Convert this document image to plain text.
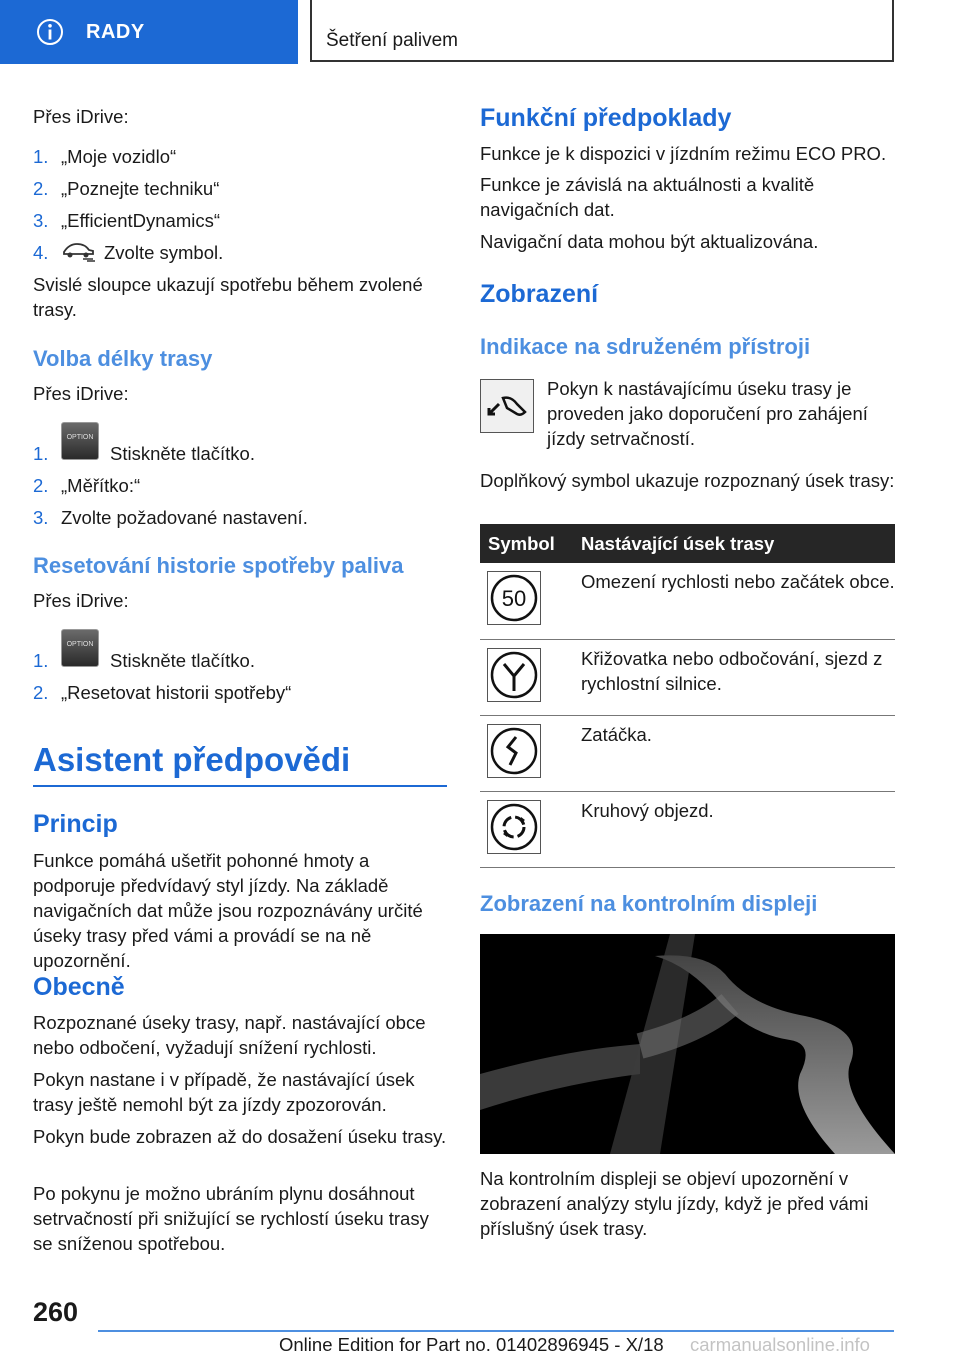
RADY	Šetření palivem

Přes iDrive:

1. „Moje vozidlo“
2. „Poznejte techniku“
3. „EfficientDynamics“
4.	Zvolte symbol.

Svislé sloupce ukazují spotřebu během zvolené trasy.

Volba délky trasy

Přes iDrive:

1.
OPTION
Stiskněte tlačítko.
2. „Měřítko:“
3. Zvolte požadované nastavení.
Resetování historie spotřeby paliva

Přes iDrive:

1.
OPTION
Stiskněte tlačítko.
2. „Resetovat historii spotřeby“
Asistent předpovědi
Princip

Funkce pomáhá ušetřit pohonné hmoty a podporuje předvídavý styl jízdy. Na základě navigačních dat může jsou rozpoznávány určité úseky trasy před vámi a provádí se na ně upozornění.

Obecně

Rozpoznané úseky trasy, např. nastávající obce nebo odbočení, vyžadují snížení rychlosti.

Pokyn nastane i v případě, že nastávající úsek trasy ještě nemohl být za jízdy zpozorován.

Pokyn bude zobrazen až do dosažení úseku trasy.

Po pokynu je možno ubráním plynu dosáhnout setrvačností při snižující se rychlostí úseku trasy se sníženou spotřebou.

Funkční předpoklady

Funkce je k dispozici v jízdním režimu ECO PRO.

Funkce je závislá na aktuálnosti a kvalitě navigačních dat.

Navigační data mohou být aktualizována.

Zobrazení
Indikace na sdruženém přístroji

Pokyn k nastávajícímu úseku trasy je proveden jako doporučení pro zahájení jízdy setrvačností.

Doplňkový symbol ukazuje rozpoznaný úsek trasy:

Symbol	Nastávající úsek trasy

50	Omezení rychlosti nebo začátek obce.

	Křižovatka nebo odbočování, sjezd z rychlostní silnice.

	Zatáčka.

	Kruhový objezd.
Zobrazení na kontrolním displeji

Na kontrolním displeji se objeví upozornění v zobrazení analýzy stylu jízdy, když je před vámi příslušný úsek trasy.

260
Online Edition for Part no. 01402896945 - X/18 carmanualsonline.info
